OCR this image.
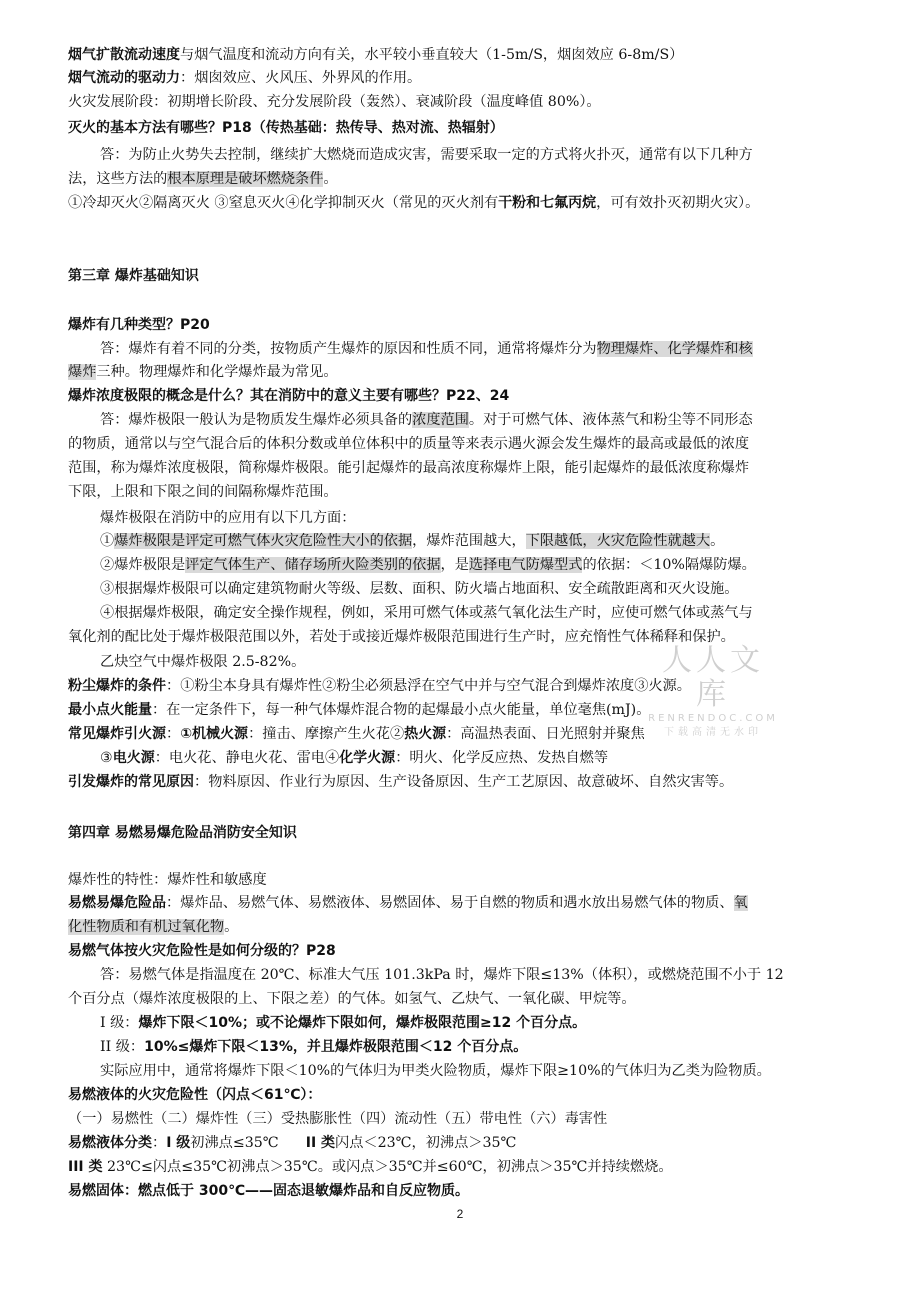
烟气扩散流动速度与烟气温度和流动方向有关，水平较小垂直较大（1-5m/S，烟囱效应 6-8m/S）
烟气流动的驱动力：烟囱效应、火风压、外界风的作用。
火灾发展阶段：初期增长阶段、充分发展阶段（轰然）、衰减阶段（温度峰值 80%）。
灭火的基本方法有哪些？P18（传热基础：热传导、热对流、热辐射）
答：为防止火势失去控制，继续扩大燃烧而造成灾害，需要采取一定的方式将火扑灭，通常有以下几种方
法，这些方法的根本原理是破坏燃烧条件。
①冷却灭火②隔离灭火 ③窒息灭火④化学抑制灭火（常见的灭火剂有干粉和七氟丙烷，可有效扑灭初期火灾）。
第三章 爆炸基础知识
爆炸有几种类型？P20
答：爆炸有着不同的分类，按物质产生爆炸的原因和性质不同，通常将爆炸分为物理爆炸、化学爆炸和核
爆炸三种。物理爆炸和化学爆炸最为常见。
爆炸浓度极限的概念是什么？其在消防中的意义主要有哪些？P22、24
答：爆炸极限一般认为是物质发生爆炸必须具备的浓度范围。对于可燃气体、液体蒸气和粉尘等不同形态
的物质，通常以与空气混合后的体积分数或单位体积中的质量等来表示遇火源会发生爆炸的最高或最低的浓度
范围，称为爆炸浓度极限，简称爆炸极限。能引起爆炸的最高浓度称爆炸上限，能引起爆炸的最低浓度称爆炸
下限，上限和下限之间的间隔称爆炸范围。
爆炸极限在消防中的应用有以下几方面：
①爆炸极限是评定可燃气体火灾危险性大小的依据，爆炸范围越大，下限越低，火灾危险性就越大。
②爆炸极限是评定气体生产、储存场所火险类别的依据，是选择电气防爆型式的依据：＜10%隔爆防爆。
③根据爆炸极限可以确定建筑物耐火等级、层数、面积、防火墙占地面积、安全疏散距离和灭火设施。
④根据爆炸极限，确定安全操作规程，例如，采用可燃气体或蒸气氧化法生产时，应使可燃气体或蒸气与
氧化剂的配比处于爆炸极限范围以外，若处于或接近爆炸极限范围进行生产时，应充惰性气体稀释和保护。
乙炔空气中爆炸极限 2.5-82%。
粉尘爆炸的条件：①粉尘本身具有爆炸性②粉尘必须悬浮在空气中并与空气混合到爆炸浓度③火源。
最小点火能量：在一定条件下，每一种气体爆炸混合物的起爆最小点火能量，单位毫焦(mJ)。
常见爆炸引火源：①机械火源：撞击、摩擦产生火花②热火源：高温热表面、日光照射并聚焦
③电火源：电火花、静电火花、雷电④化学火源：明火、化学反应热、发热自燃等
引发爆炸的常见原因：物料原因、作业行为原因、生产设备原因、生产工艺原因、故意破坏、自然灾害等。
第四章 易燃易爆危险品消防安全知识
爆炸性的特性：爆炸性和敏感度
易燃易爆危险品：爆炸品、易燃气体、易燃液体、易燃固体、易于自燃的物质和遇水放出易燃气体的物质、氧
化性物质和有机过氧化物。
易燃气体按火灾危险性是如何分级的？P28
答：易燃气体是指温度在 20℃、标准大气压 101.3kPa 时，爆炸下限≤13%（体积），或燃烧范围不小于 12
个百分点（爆炸浓度极限的上、下限之差）的气体。如氢气、乙炔气、一氧化碳、甲烷等。
I 级：爆炸下限＜10%；或不论爆炸下限如何，爆炸极限范围≥12 个百分点。
II 级：10%≤爆炸下限＜13%，并且爆炸极限范围＜12 个百分点。
实际应用中，通常将爆炸下限＜10%的气体归为甲类火险物质，爆炸下限≥10%的气体归为乙类为险物质。
易燃液体的火灾危险性（闪点＜61℃）：
（一）易燃性（二）爆炸性（三）受热膨胀性（四）流动性（五）带电性（六）毒害性
易燃液体分类：I 级初沸点≤35℃      II 类闪点＜23℃，初沸点＞35℃
III 类 23℃≤闪点≤35℃初沸点＞35℃。或闪点＞35℃并≤60℃，初沸点＞35℃并持续燃烧。
易燃固体：燃点低于 300℃——固态退敏爆炸品和自反应物质。
2
人人文库
RENRENDOC.COM
下载高清无水印
